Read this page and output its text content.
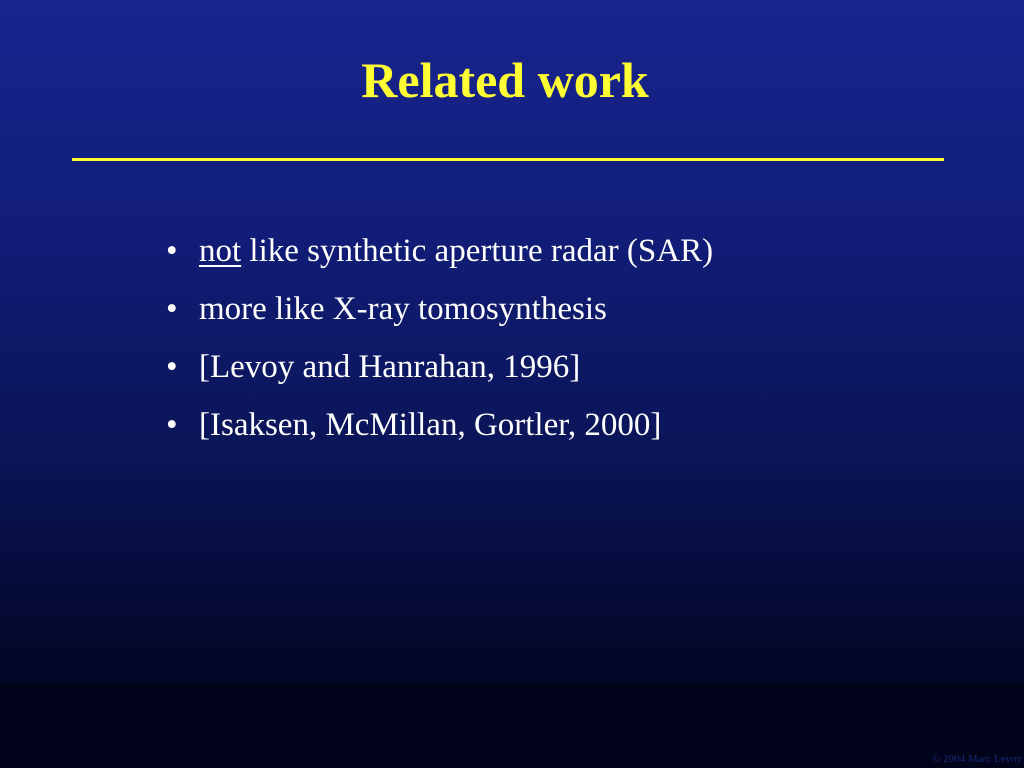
Related work
• not like synthetic aperture radar (SAR)
• more like X-ray tomosynthesis
• [Levoy and Hanrahan, 1996]
• [Isaksen, McMillan, Gortler, 2000]
© 2004 Marc Levoy
